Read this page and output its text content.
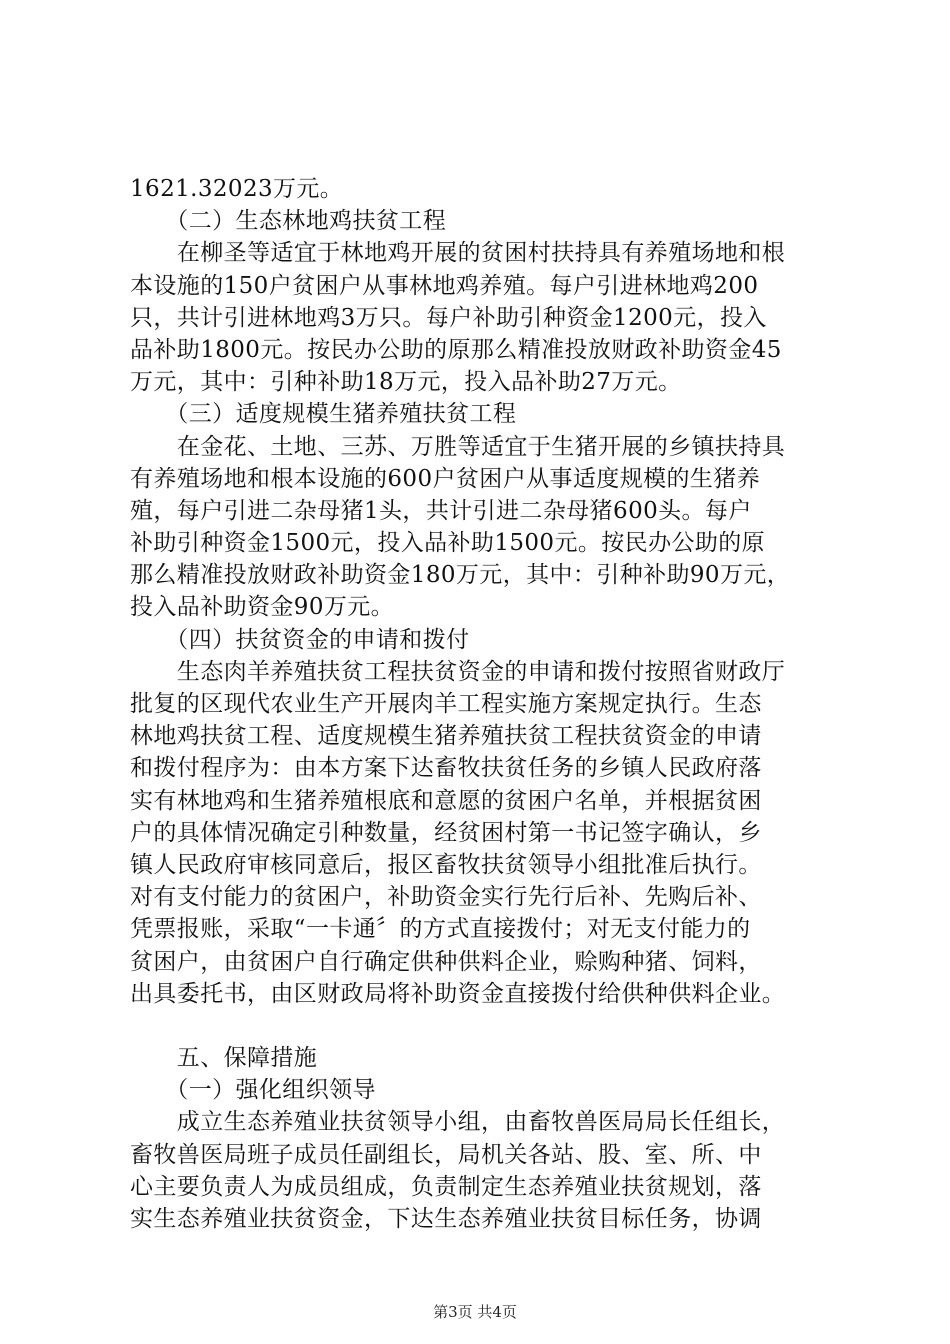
1621.32023万元。
　　（二）生态林地鸡扶贫工程
　　在柳圣等适宜于林地鸡开展的贫困村扶持具有养殖场地和根
本设施的150户贫困户从事林地鸡养殖。每户引进林地鸡200
只，共计引进林地鸡3万只。每户补助引种资金1200元，投入
品补助1800元。按民办公助的原那么精准投放财政补助资金45
万元，其中：引种补助18万元，投入品补助27万元。
　　（三）适度规模生猪养殖扶贫工程
　　在金花、土地、三苏、万胜等适宜于生猪开展的乡镇扶持具
有养殖场地和根本设施的600户贫困户从事适度规模的生猪养
殖，每户引进二杂母猪1头，共计引进二杂母猪600头。每户
补助引种资金1500元，投入品补助1500元。按民办公助的原
那么精准投放财政补助资金180万元，其中：引种补助90万元，
投入品补助资金90万元。
　　（四）扶贫资金的申请和拨付
　　生态肉羊养殖扶贫工程扶贫资金的申请和拨付按照省财政厅
批复的区现代农业生产开展肉羊工程实施方案规定执行。生态
林地鸡扶贫工程、适度规模生猪养殖扶贫工程扶贫资金的申请
和拨付程序为：由本方案下达畜牧扶贫任务的乡镇人民政府落
实有林地鸡和生猪养殖根底和意愿的贫困户名单，并根据贫困
户的具体情况确定引种数量，经贫困村第一书记签字确认，乡
镇人民政府审核同意后，报区畜牧扶贫领导小组批准后执行。
对有支付能力的贫困户，补助资金实行先行后补、先购后补、
凭票报账，采取“一卡通〞的方式直接拨付；对无支付能力的
贫困户，由贫困户自行确定供种供料企业，赊购种猪、饲料，
出具委托书，由区财政局将补助资金直接拨付给供种供料企业。
　　五、保障措施
　　（一）强化组织领导
　　成立生态养殖业扶贫领导小组，由畜牧兽医局局长任组长，
畜牧兽医局班子成员任副组长，局机关各站、股、室、所、中
心主要负责人为成员组成，负责制定生态养殖业扶贫规划，落
实生态养殖业扶贫资金，下达生态养殖业扶贫目标任务，协调
第3页 共4页
